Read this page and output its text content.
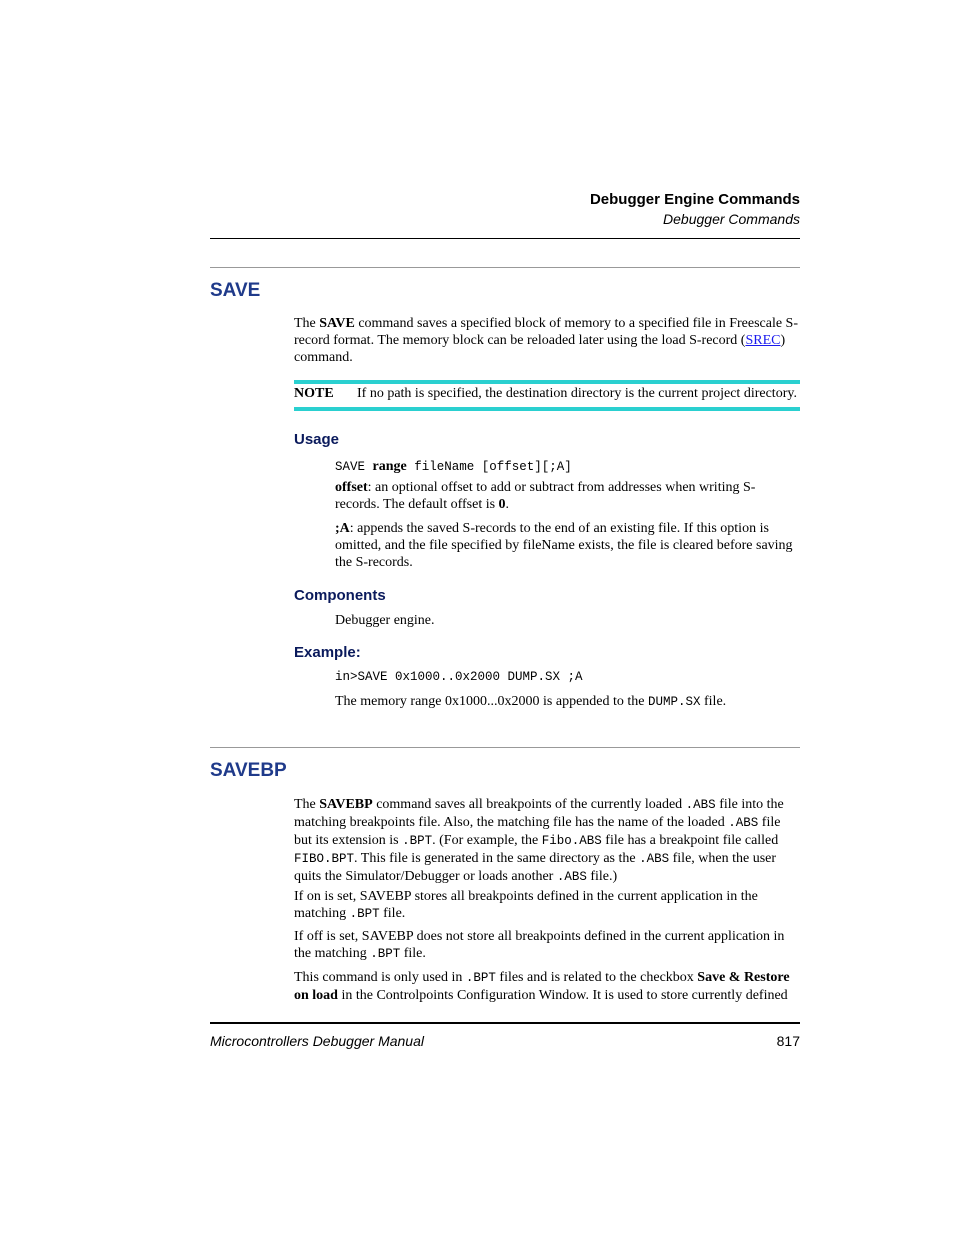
Debugger Engine Commands
Debugger Commands
SAVE
The SAVE command saves a specified block of memory to a specified file in Freescale S-record format. The memory block can be reloaded later using the load S-record (SREC) command.
NOTE If no path is specified, the destination directory is the current project directory.
Usage
SAVE range fileName [offset][;A]
offset: an optional offset to add or subtract from addresses when writing S-records. The default offset is 0.
;A: appends the saved S-records to the end of an existing file. If this option is omitted, and the file specified by fileName exists, the file is cleared before saving the S-records.
Components
Debugger engine.
Example:
in>SAVE 0x1000..0x2000 DUMP.SX ;A
The memory range 0x1000...0x2000 is appended to the DUMP.SX file.
SAVEBP
The SAVEBP command saves all breakpoints of the currently loaded .ABS file into the matching breakpoints file. Also, the matching file has the name of the loaded .ABS file but its extension is .BPT. (For example, the Fibo.ABS file has a breakpoint file called FIBO.BPT. This file is generated in the same directory as the .ABS file, when the user quits the Simulator/Debugger or loads another .ABS file.)
If on is set, SAVEBP stores all breakpoints defined in the current application in the matching .BPT file.
If off is set, SAVEBP does not store all breakpoints defined in the current application in the matching .BPT file.
This command is only used in .BPT files and is related to the checkbox Save & Restore on load in the Controlpoints Configuration Window. It is used to store currently defined
Microcontrollers Debugger Manual	817
